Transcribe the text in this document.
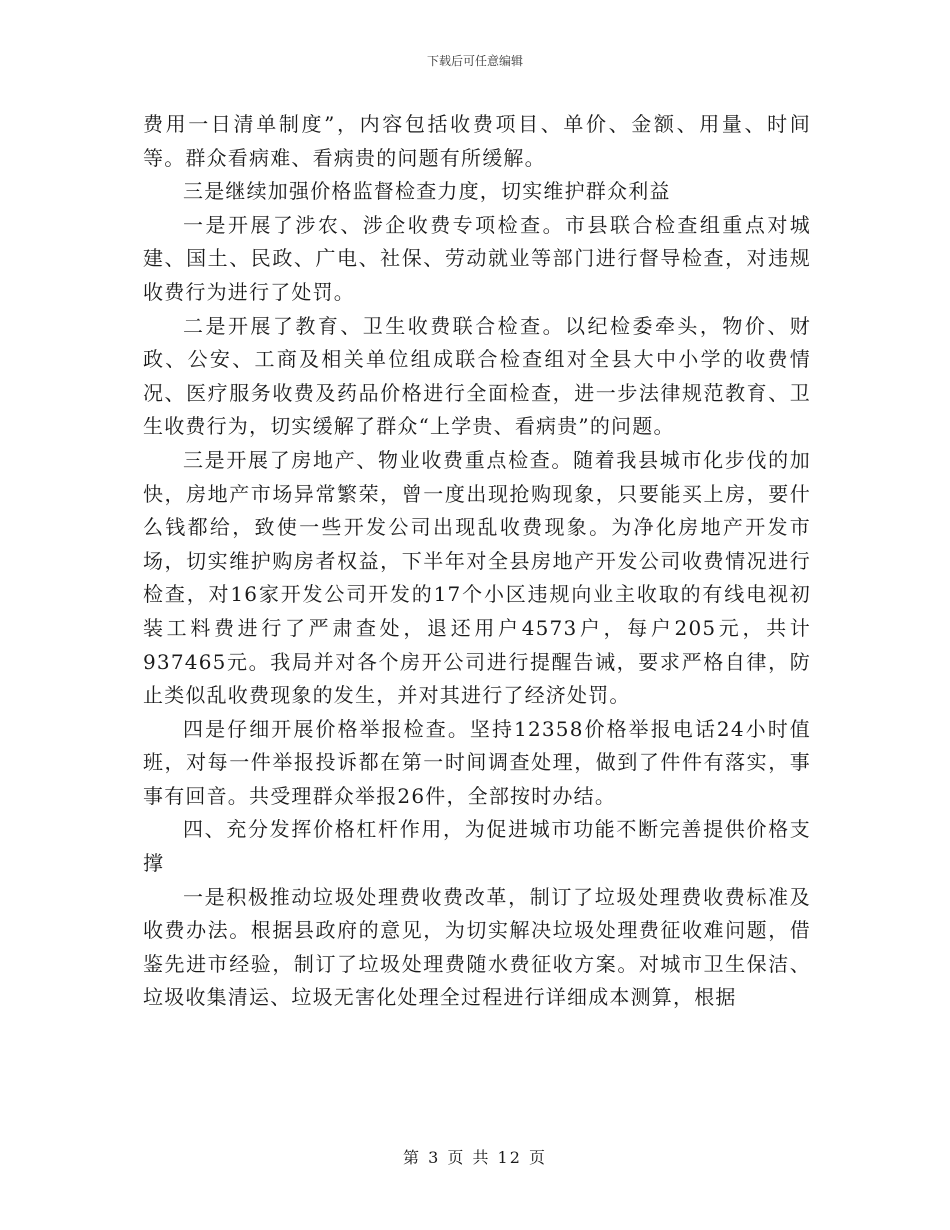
下载后可任意编辑

费用一日清单制度”，内容包括收费项目、单价、金额、用量、时间等。群众看病难、看病贵的问题有所缓解。

三是继续加强价格监督检查力度，切实维护群众利益

一是开展了涉农、涉企收费专项检查。市县联合检查组重点对城建、国土、民政、广电、社保、劳动就业等部门进行督导检查，对违规收费行为进行了处罚。

二是开展了教育、卫生收费联合检查。以纪检委牵头，物价、财政、公安、工商及相关单位组成联合检查组对全县大中小学的收费情况、医疗服务收费及药品价格进行全面检查，进一步法律规范教育、卫生收费行为，切实缓解了群众“上学贵、看病贵”的问题。

三是开展了房地产、物业收费重点检查。随着我县城市化步伐的加快，房地产市场异常繁荣，曾一度出现抢购现象，只要能买上房，要什么钱都给，致使一些开发公司出现乱收费现象。为净化房地产开发市场，切实维护购房者权益，下半年对全县房地产开发公司收费情况进行检查，对16家开发公司开发的17个小区违规向业主收取的有线电视初装工料费进行了严肃查处，退还用户4573户，每户205元，共计937465元。我局并对各个房开公司进行提醒告诫，要求严格自律，防止类似乱收费现象的发生，并对其进行了经济处罚。

四是仔细开展价格举报检查。坚持12358价格举报电话24小时值班，对每一件举报投诉都在第一时间调查处理，做到了件件有落实，事事有回音。共受理群众举报26件，全部按时办结。

四、充分发挥价格杠杆作用，为促进城市功能不断完善提供价格支撑

一是积极推动垃圾处理费收费改革，制订了垃圾处理费收费标准及收费办法。根据县政府的意见，为切实解决垃圾处理费征收难问题，借鉴先进市经验，制订了垃圾处理费随水费征收方案。对城市卫生保洁、垃圾收集清运、垃圾无害化处理全过程进行详细成本测算，根据

第 3 页 共 12 页
